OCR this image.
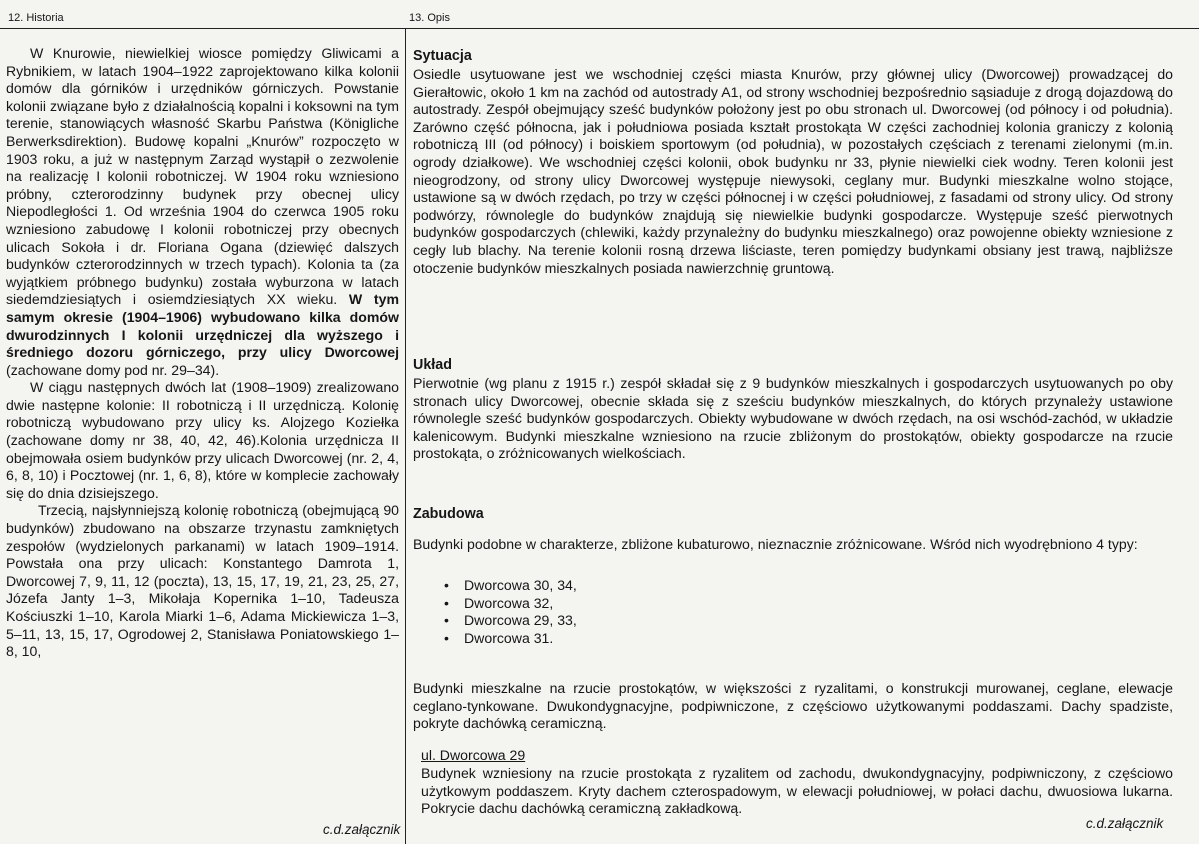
12. Historia	13. Opis

W Knurowie, niewielkiej wiosce pomiędzy Gliwicami a Rybnikiem, w latach 1904–1922 zaprojektowano kilka kolonii domów dla górników i urzędników górniczych. Powstanie kolonii związane było z działalnością kopalni i koksowni na tym terenie, stanowiących własność Skarbu Państwa (Königliche Berwerksdirektion). Budowę kopalni „Knurów” rozpoczęto w 1903 roku, a już w następnym Zarząd wystąpił o zezwolenie na realizację I kolonii robotniczej. W 1904 roku wzniesiono próbny, czterorodzinny budynek przy obecnej ulicy Niepodległości 1. Od września 1904 do czerwca 1905 roku wzniesiono zabudowę I kolonii robotniczej przy obecnych ulicach Sokoła i dr. Floriana Ogana (dziewięć dalszych budynków czterorodzinnych w trzech typach). Kolonia ta (za wyjątkiem próbnego budynku) została wyburzona w latach siedemdziesiątych i osiemdziesiątych XX wieku. W tym samym okresie (1904–1906) wybudowano kilka domów dwurodzinnych I kolonii urzędniczej dla wyższego i średniego dozoru górniczego, przy ulicy Dworcowej (zachowane domy pod nr. 29–34).

W ciągu następnych dwóch lat (1908–1909) zrealizowano dwie następne kolonie: II robotniczą i II urzędniczą. Kolonię robotniczą wybudowano przy ulicy ks. Alojzego Koziełka (zachowane domy nr 38, 40, 42, 46).Kolonia urzędnicza II obejmowała osiem budynków przy ulicach Dworcowej (nr. 2, 4, 6, 8, 10) i Pocztowej (nr. 1, 6, 8), które w komplecie zachowały się do dnia dzisiejszego.

Trzecią, najsłynniejszą kolonię robotniczą (obejmującą 90 budynków) zbudowano na obszarze trzynastu zamkniętych zespołów (wydzielonych parkanami) w latach 1909–1914. Powstała ona przy ulicach: Konstantego Damrota 1, Dworcowej 7, 9, 11, 12 (poczta), 13, 15, 17, 19, 21, 23, 25, 27, Józefa Janty 1–3, Mikołaja Kopernika 1–10, Tadeusza Kościuszki 1–10, Karola Miarki 1–6, Adama Mickiewicza 1–3, 5–11, 13, 15, 17, Ogrodowej 2, Stanisława Poniatowskiego 1–8, 10,

c.d.załącznik
Sytuacja

Osiedle usytuowane jest we wschodniej części miasta Knurów, przy głównej ulicy (Dworcowej) prowadzącej do Gierałtowic, około 1 km na zachód od autostrady A1, od strony wschodniej bezpośrednio sąsiaduje z drogą dojazdową do autostrady. Zespół obejmujący sześć budynków położony jest po obu stronach ul. Dworcowej (od północy i od południa). Zarówno część północna, jak i południowa posiada kształt prostokąta W części zachodniej kolonia graniczy z kolonią robotniczą III (od północy) i boiskiem sportowym (od południa), w pozostałych częściach z terenami zielonymi (m.in. ogrody działkowe). We wschodniej części kolonii, obok budynku nr 33, płynie niewielki ciek wodny. Teren kolonii jest nieogrodzony, od strony ulicy Dworcowej występuje niewysoki, ceglany mur. Budynki mieszkalne wolno stojące, ustawione są w dwóch rzędach, po trzy w części północnej i w części południowej, z fasadami od strony ulicy. Od strony podwórzy, równolegle do budynków znajdują się niewielkie budynki gospodarcze. Występuje sześć pierwotnych budynków gospodarczych (chlewiki, każdy przynależny do budynku mieszkalnego) oraz powojenne obiekty wzniesione z cegły lub blachy. Na terenie kolonii rosną drzewa liściaste, teren pomiędzy budynkami obsiany jest trawą, najbliższe otoczenie budynków mieszkalnych posiada nawierzchnię gruntową.

Układ

Pierwotnie (wg planu z 1915 r.) zespół składał się z 9 budynków mieszkalnych i gospodarczych usytuowanych po oby stronach ulicy Dworcowej, obecnie składa się z sześciu budynków mieszkalnych, do których przynależy ustawione równolegle sześć budynków gospodarczych. Obiekty wybudowane w dwóch rzędach, na osi wschód-zachód, w układzie kalenicowym. Budynki mieszkalne wzniesiono na rzucie zbliżonym do prostokątów, obiekty gospodarcze na rzucie prostokąta, o zróżnicowanych wielkościach.

Zabudowa

Budynki podobne w charakterze, zbliżone kubaturowo, nieznacznie zróżnicowane. Wśród nich wyodrębniono 4 typy:

• Dworcowa 30, 34,
• Dworcowa 32,
• Dworcowa 29, 33,
• Dworcowa 31.

Budynki mieszkalne na rzucie prostokątów, w większości z ryzalitami, o konstrukcji murowanej, ceglane, elewacje ceglano-tynkowane. Dwukondygnacyjne, podpiwniczone, z częściowo użytkowanymi poddaszami. Dachy spadziste, pokryte dachówką ceramiczną.

ul. Dworcowa 29

Budynek wzniesiony na rzucie prostokąta z ryzalitem od zachodu, dwukondygnacyjny, podpiwniczony, z częściowo użytkowym poddaszem. Kryty dachem czterospadowym, w elewacji południowej, w połaci dachu, dwuosiowa lukarna. Pokrycie dachu dachówką ceramiczną zakładkową.

c.d.załącznik
